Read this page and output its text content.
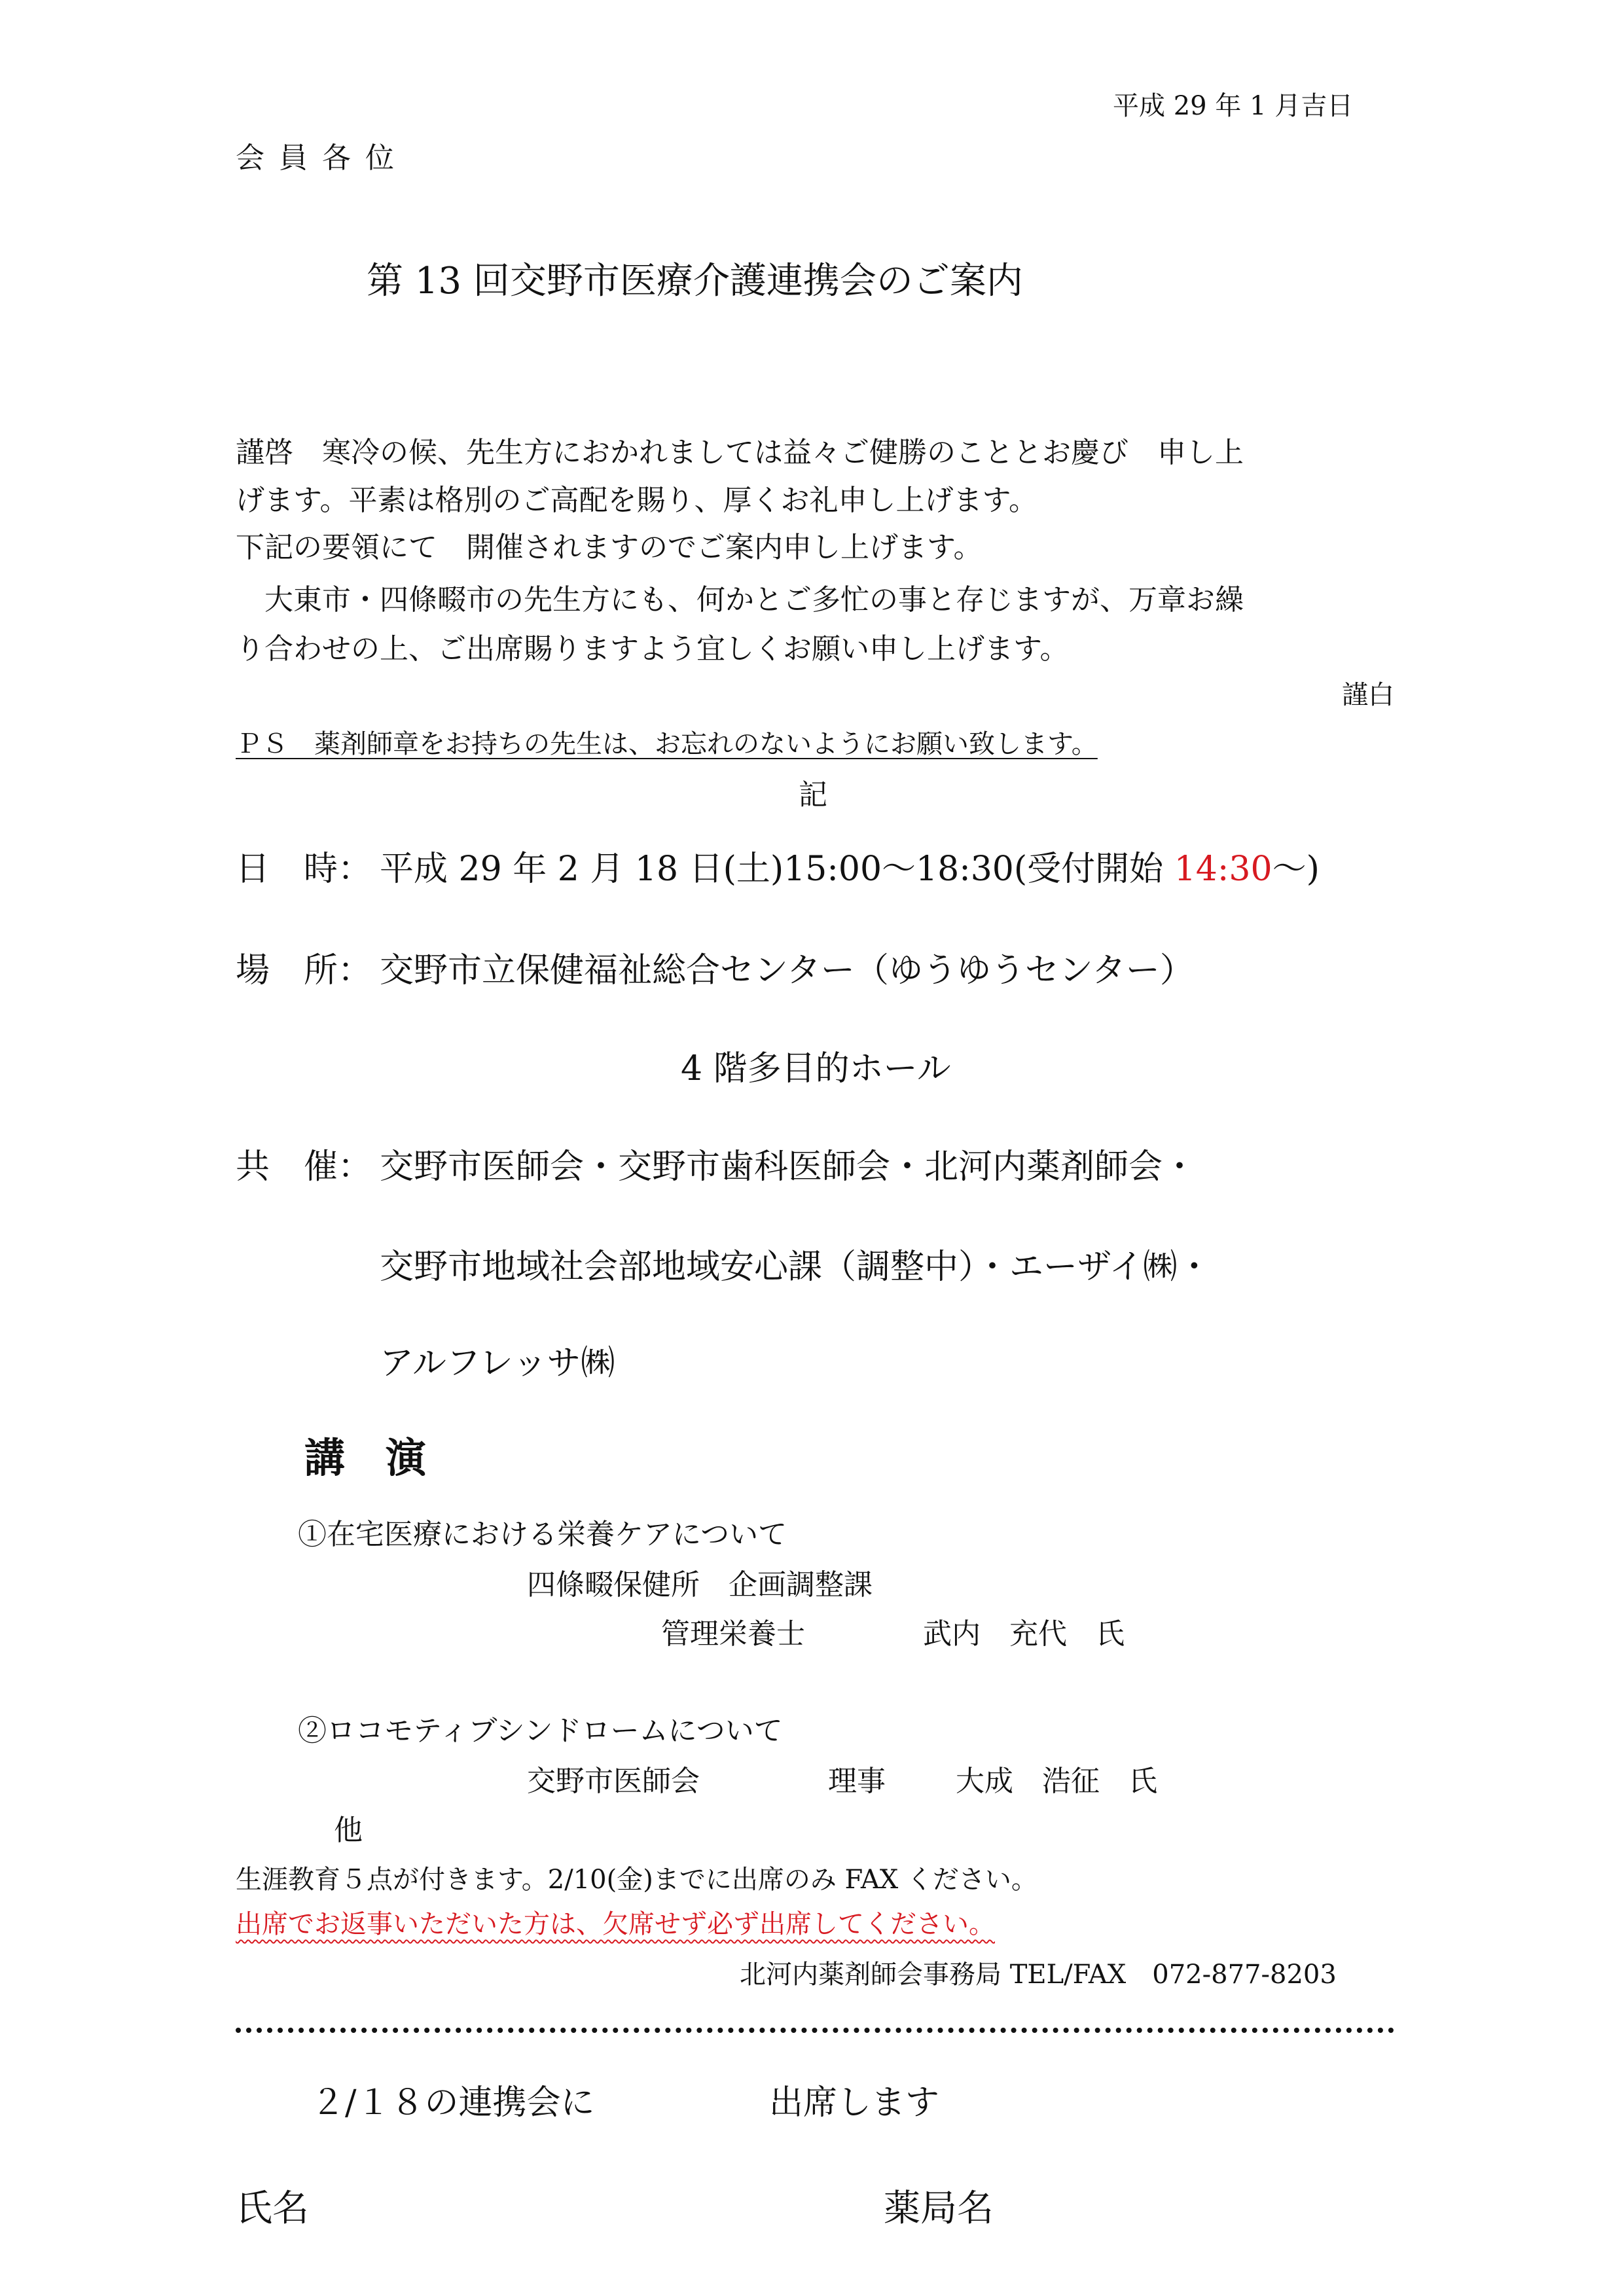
平成 29 年 1 月吉日
会 員 各 位
第 13 回交野市医療介護連携会のご案内
謹啓　寒冷の候、先生方におかれましては益々ご健勝のこととお慶び　申し上
げます。平素は格別のご高配を賜り、厚くお礼申し上げます。
下記の要領にて　開催されますのでご案内申し上げます。
　大東市・四條畷市の先生方にも、何かとご多忙の事と存じますが、万章お繰
り合わせの上、ご出席賜りますよう宜しくお願い申し上げます。
謹白
ＰＳ　薬剤師章をお持ちの先生は、お忘れのないようにお願い致します。
記
日　時： 平成 29 年 2 月 18 日(土)15:00～18:30(受付開始 14:30～)
場　所： 交野市立保健福祉総合センター（ゆうゆうセンター）
4 階多目的ホール
共　催： 交野市医師会・交野市歯科医師会・北河内薬剤師会・
交野市地域社会部地域安心課（調整中）・エーザイ㈱・
アルフレッサ㈱
講　演
①在宅医療における栄養ケアについて
四條畷保健所　企画調整課
管理栄養士	武内　充代　氏
②ロコモティブシンドロームについて
交野市医師会	理事 大成　浩征　氏
他
生涯教育５点が付きます。2/10(金)までに出席のみ FAX ください。
出席でお返事いただいた方は、欠席せず必ず出席してください。
北河内薬剤師会事務局 TEL/FAX　072-877-8203
２/１８の連携会に	出席します
氏名	薬局名
